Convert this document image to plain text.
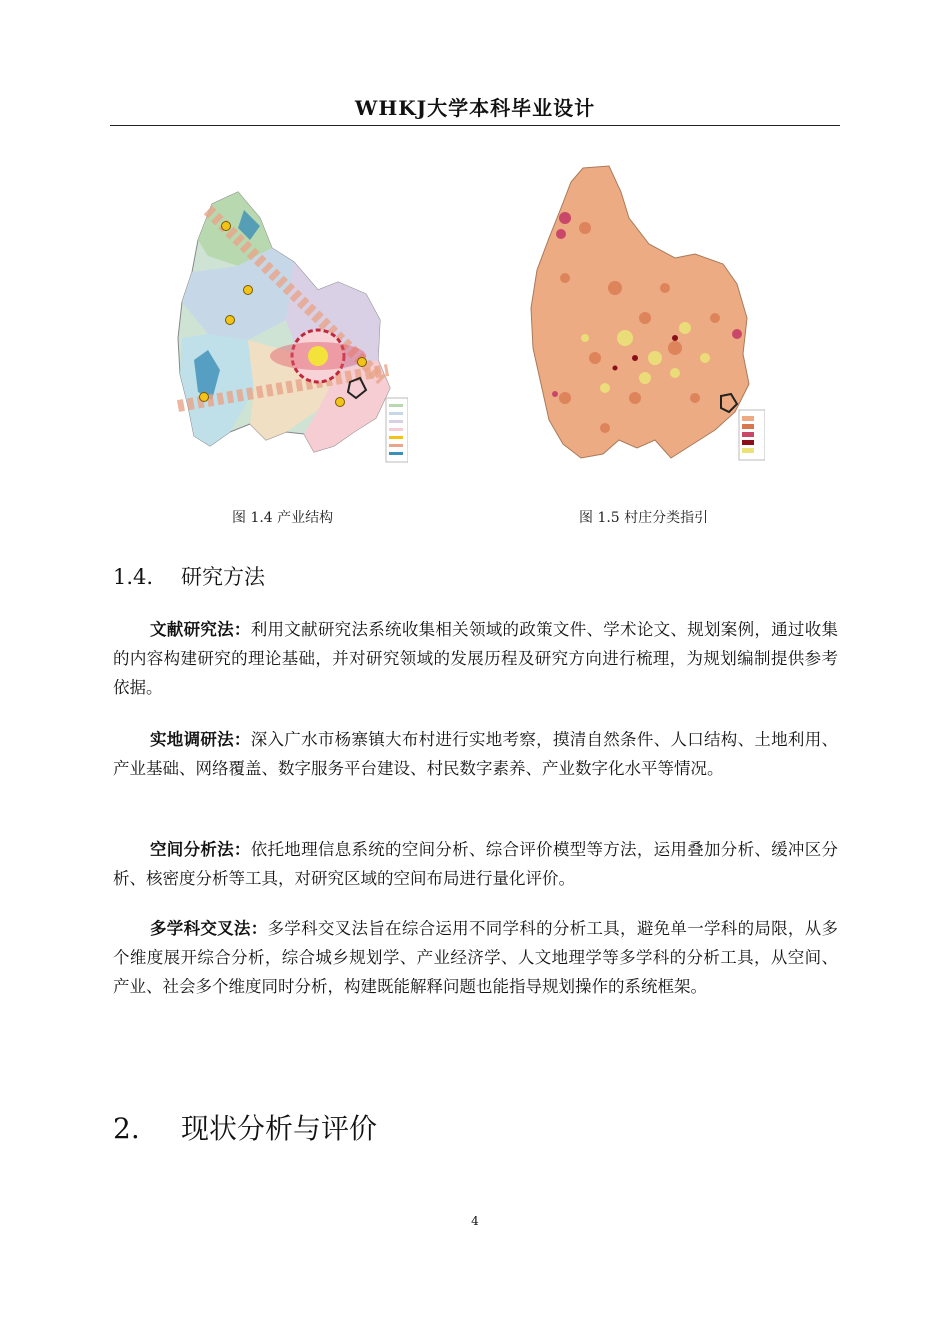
WHKJ大学本科毕业设计
图 1.4 产业结构	图 1.5 村庄分类指引
1.4. 研究方法
文献研究法：利用文献研究法系统收集相关领域的政策文件、学术论文、规划案例，通过收集的内容构建研究的理论基础，并对研究领域的发展历程及研究方向进行梳理，为规划编制提供参考依据。
实地调研法：深入广水市杨寨镇大布村进行实地考察，摸清自然条件、人口结构、土地利用、产业基础、网络覆盖、数字服务平台建设、村民数字素养、产业数字化水平等情况。
空间分析法：依托地理信息系统的空间分析、综合评价模型等方法，运用叠加分析、缓冲区分析、核密度分析等工具，对研究区域的空间布局进行量化评价。
多学科交叉法：多学科交叉法旨在综合运用不同学科的分析工具，避免单一学科的局限，从多个维度展开综合分析，综合城乡规划学、产业经济学、人文地理学等多学科的分析工具，从空间、产业、社会多个维度同时分析，构建既能解释问题也能指导规划操作的系统框架。
2. 现状分析与评价
4
